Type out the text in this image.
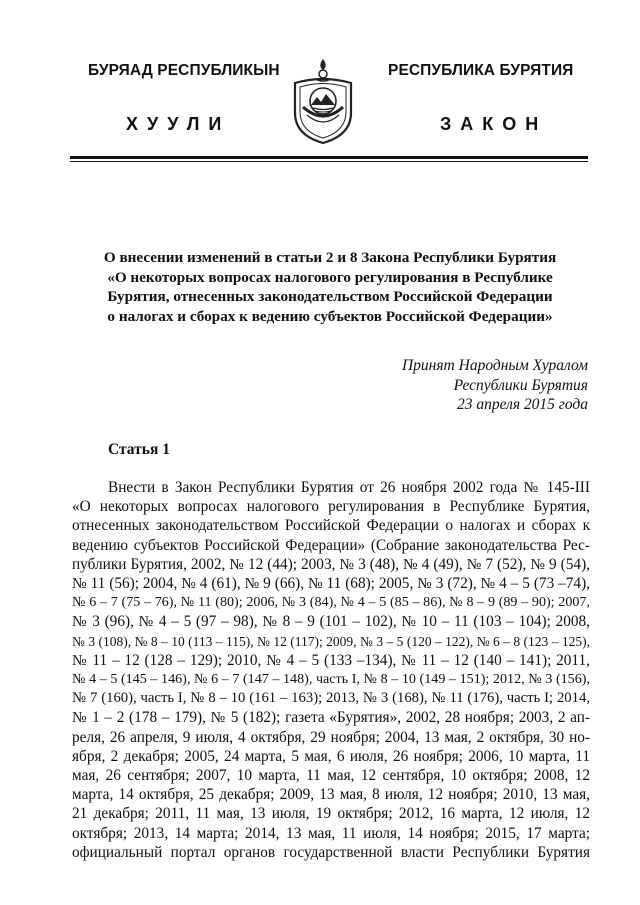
БУРЯАД РЕСПУБЛИКЫН	РЕСПУБЛИКА БУРЯТИЯ
ХУУЛИ	ЗАКОН
О внесении изменений в статьи 2 и 8 Закона Республики Бурятия
«О некоторых вопросах налогового регулирования в Республике
Бурятия, отнесенных законодательством Российской Федерации
о налогах и сборах к ведению субъектов Российской Федерации»
Принят Народным Хуралом
Республики Бурятия
23 апреля 2015 года
Статья 1
Внести в Закон Республики Бурятия от 26 ноября 2002 года № 145-III
«О некоторых вопросах налогового регулирования в Республике Бурятия,
отнесенных законодательством Российской Федерации о налогах и сборах к
ведению субъектов Российской Федерации» (Собрание законодательства Рес-
публики Бурятия, 2002, № 12 (44); 2003, № 3 (48), № 4 (49), № 7 (52), № 9 (54),
№ 11 (56); 2004, № 4 (61), № 9 (66), № 11 (68); 2005, № 3 (72), № 4 – 5 (73 –74),
№ 6 – 7 (75 – 76), № 11 (80); 2006, № 3 (84), № 4 – 5 (85 – 86), № 8 – 9 (89 – 90); 2007,
№ 3 (96), № 4 – 5 (97 – 98), № 8 – 9 (101 – 102), № 10 – 11 (103 – 104); 2008,
№ 3 (108), № 8 – 10 (113 – 115), № 12 (117); 2009, № 3 – 5 (120 – 122), № 6 – 8 (123 – 125),
№ 11 – 12 (128 – 129); 2010, № 4 – 5 (133 –134), № 11 – 12 (140 – 141); 2011,
№ 4 – 5 (145 – 146), № 6 – 7 (147 – 148), часть I, № 8 – 10 (149 – 151); 2012, № 3 (156),
№ 7 (160), часть I, № 8 – 10 (161 – 163); 2013, № 3 (168), № 11 (176), часть I; 2014,
№ 1 – 2 (178 – 179), № 5 (182); газета «Бурятия», 2002, 28 ноября; 2003, 2 ап-
реля, 26 апреля, 9 июля, 4 октября, 29 ноября; 2004, 13 мая, 2 октября, 30 но-
ября, 2 декабря; 2005, 24 марта, 5 мая, 6 июля, 26 ноября; 2006, 10 марта, 11
мая, 26 сентября; 2007, 10 марта, 11 мая, 12 сентября, 10 октября; 2008, 12
марта, 14 октября, 25 декабря; 2009, 13 мая, 8 июля, 12 ноября; 2010, 13 мая,
21 декабря; 2011, 11 мая, 13 июля, 19 октября; 2012, 16 марта, 12 июля, 12
октября; 2013, 14 марта; 2014, 13 мая, 11 июля, 14 ноября; 2015, 17 марта;
официальный портал органов государственной власти Республики Бурятия
